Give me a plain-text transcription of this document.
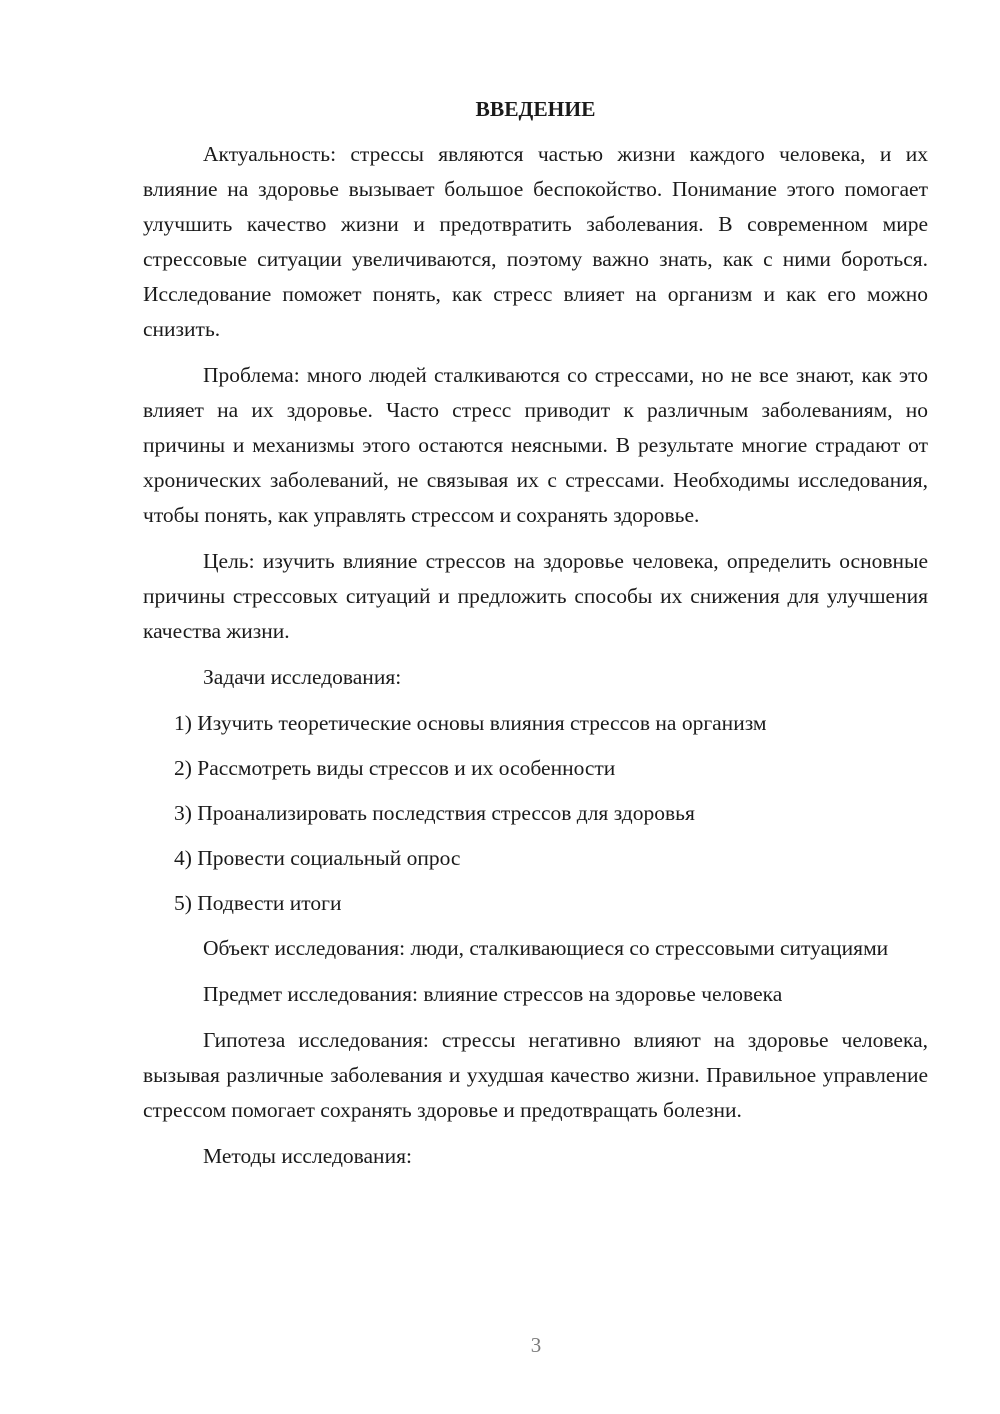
ВВЕДЕНИЕ

Актуальность: стрессы являются частью жизни каждого человека, и их влияние на здоровье вызывает большое беспокойство. Понимание этого помогает улучшить качество жизни и предотвратить заболевания. В современном мире стрессовые ситуации увеличиваются, поэтому важно знать, как с ними бороться. Исследование поможет понять, как стресс влияет на организм и как его можно снизить.

Проблема: много людей сталкиваются со стрессами, но не все знают, как это влияет на их здоровье. Часто стресс приводит к различным заболеваниям, но причины и механизмы этого остаются неясными. В результате многие страдают от хронических заболеваний, не связывая их с стрессами. Необходимы исследования, чтобы понять, как управлять стрессом и сохранять здоровье.

Цель: изучить влияние стрессов на здоровье человека, определить основные причины стрессовых ситуаций и предложить способы их снижения для улучшения качества жизни.

Задачи исследования:

1) Изучить теоретические основы влияния стрессов на организм
2) Рассмотреть виды стрессов и их особенности
3) Проанализировать последствия стрессов для здоровья
4) Провести социальный опрос
5) Подвести итоги

Объект исследования: люди, сталкивающиеся со стрессовыми ситуациями

Предмет исследования: влияние стрессов на здоровье человека

Гипотеза исследования: стрессы негативно влияют на здоровье человека, вызывая различные заболевания и ухудшая качество жизни. Правильное управление стрессом помогает сохранять здоровье и предотвращать болезни.

Методы исследования:

3
